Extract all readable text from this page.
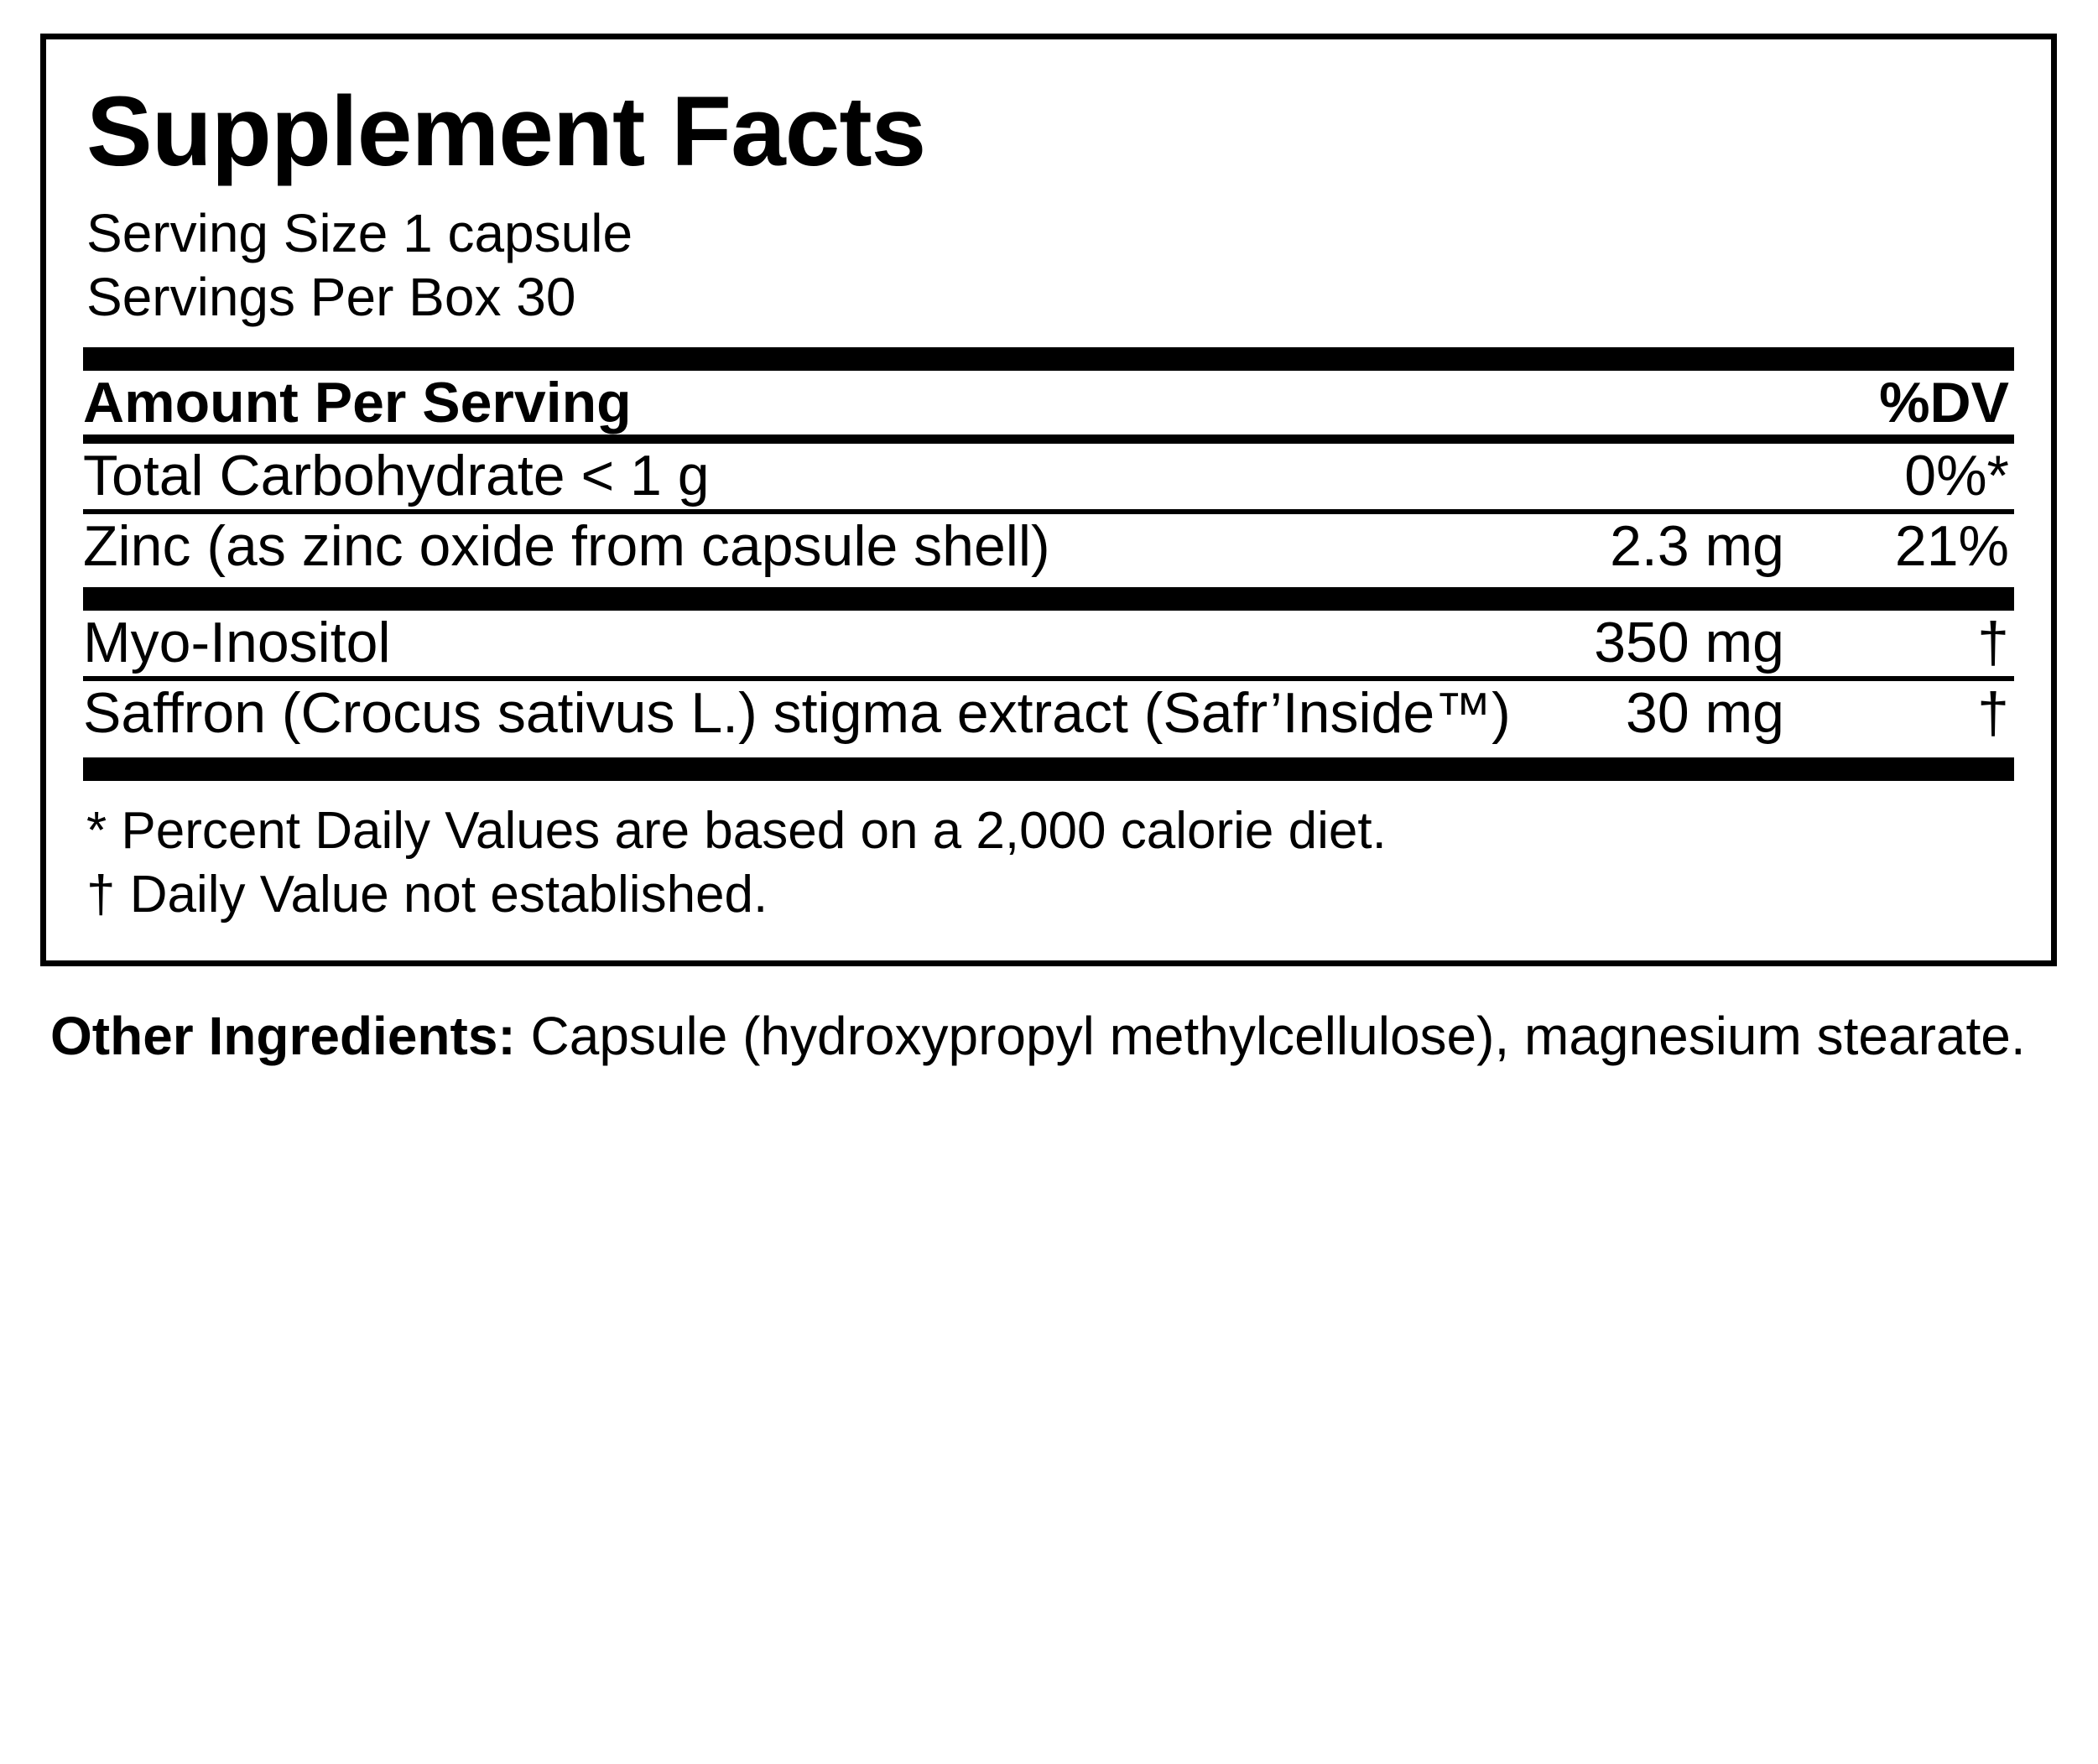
Supplement Facts
Serving Size 1 capsule
Servings Per Box 30
Amount Per Serving		%DV
Total Carbohydrate < 1 g		0%*
Zinc (as zinc oxide from capsule shell)	2.3 mg	21%
Myo-Inositol	350 mg	†
Saffron (Crocus sativus L.) stigma extract (Safr’Inside™)	30 mg	†
* Percent Daily Values are based on a 2,000 calorie diet.
† Daily Value not established.
Other Ingredients: Capsule (hydroxypropyl methylcellulose), magnesium stearate.
